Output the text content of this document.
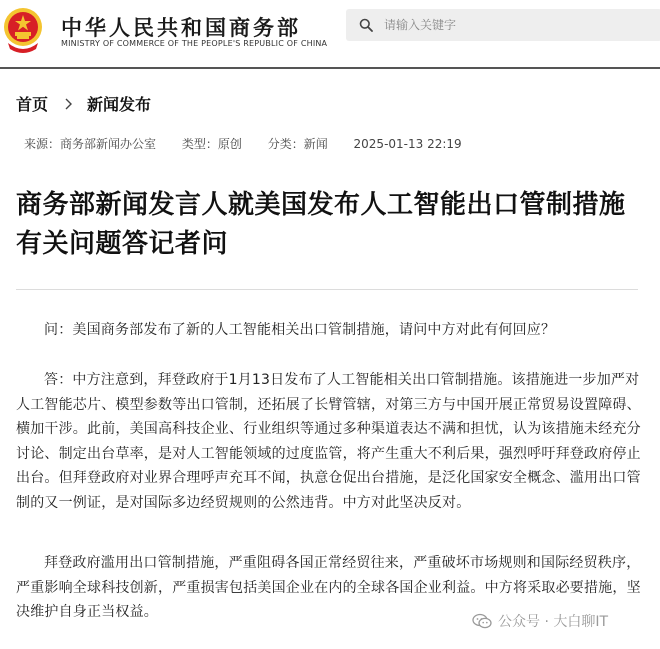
中华人民共和国商务部
MINISTRY OF COMMERCE OF THE PEOPLE'S REPUBLIC OF CHINA
请输入关键字
首页 新闻发布
来源：商务部新闻办公室 类型：原创 分类：新闻 2025-01-13 22:19
商务部新闻发言人就美国发布人工智能出口管制措施有关问题答记者问

问：美国商务部发布了新的人工智能相关出口管制措施，请问中方对此有何回应？

答：中方注意到，拜登政府于1月13日发布了人工智能相关出口管制措施。该措施进一步加严对人工智能芯片、模型参数等出口管制，还拓展了长臂管辖，对第三方与中国开展正常贸易设置障碍、横加干涉。此前，美国高科技企业、行业组织等通过多种渠道表达不满和担忧，认为该措施未经充分讨论、制定出台草率，是对人工智能领域的过度监管，将产生重大不利后果，强烈呼吁拜登政府停止出台。但拜登政府对业界合理呼声充耳不闻，执意仓促出台措施，是泛化国家安全概念、滥用出口管制的又一例证，是对国际多边经贸规则的公然违背。中方对此坚决反对。

拜登政府滥用出口管制措施，严重阻碍各国正常经贸往来，严重破坏市场规则和国际经贸秩序，严重影响全球科技创新，严重损害包括美国企业在内的全球各国企业利益。中方将采取必要措施，坚决维护自身正当权益。

公众号 · 大白聊IT
